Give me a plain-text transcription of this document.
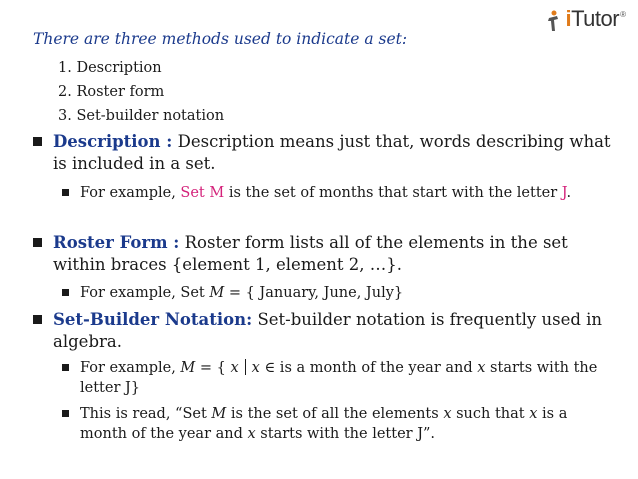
iTutor ®
There are three methods used to indicate a set:
1. Description
2. Roster form
3. Set-builder notation
Description : Description means just that, words describing what is included in a set.
For example, Set M is the set of months that start with the letter J.
Roster Form : Roster form lists all of the elements in the set within braces {element 1, element 2, …}.
For example, Set M = { January, June, July}
Set-Builder Notation: Set-builder notation is frequently used in algebra.
For example, M = { x x ∈ is a month of the year and x starts with the letter J}
This is read, “Set M is the set of all the elements x such that x is a month of the year and x starts with the letter J”.
